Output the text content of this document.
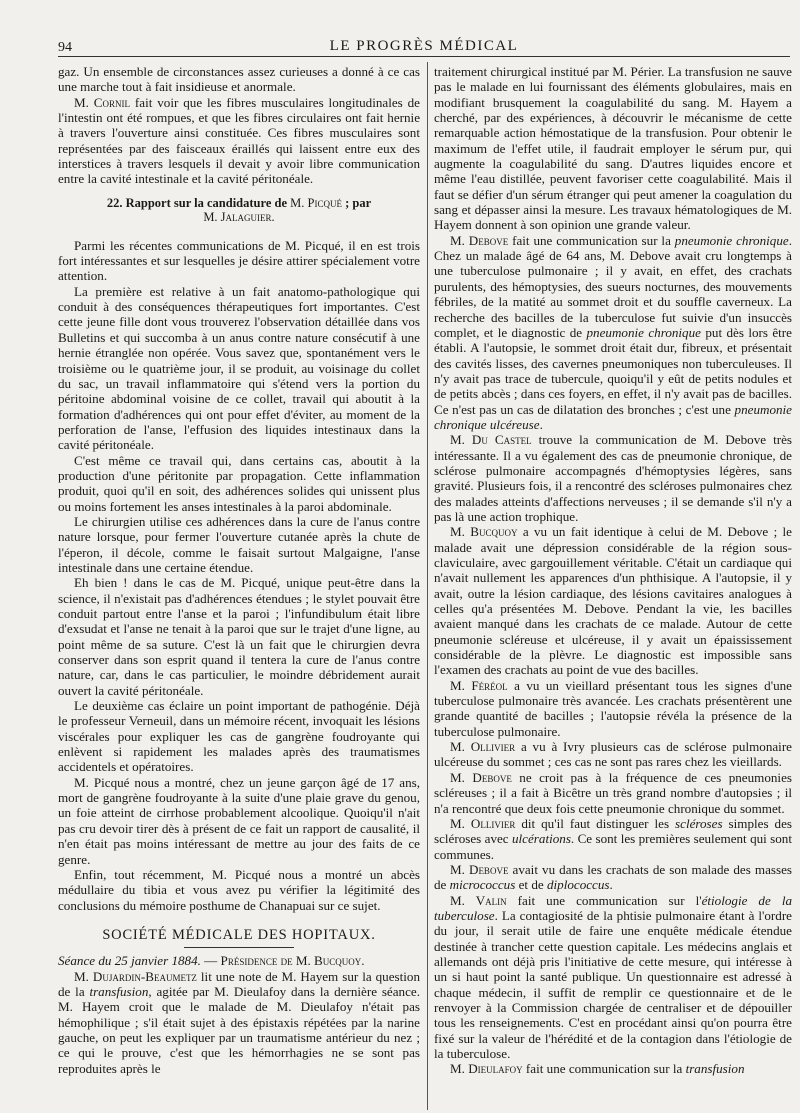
94	LE PROGRÈS MÉDICAL

gaz. Un ensemble de circonstances assez curieuses a donné à ce cas une marche tout à fait insidieuse et anormale.

M. Cornil fait voir que les fibres musculaires longitudinales de l'intestin ont été rompues, et que les fibres circulaires ont fait hernie à travers l'ouverture ainsi constituée. Ces fibres musculaires sont représentées par des faisceaux éraillés qui laissent entre eux des interstices à travers lesquels il devait y avoir libre communication entre la cavité intestinale et la cavité péritonéale.

22. Rapport sur la candidature de M. Picqué ; par
M. Jalaguier.

Parmi les récentes communications de M. Picqué, il en est trois fort intéressantes et sur lesquelles je désire attirer spécialement votre attention.

La première est relative à un fait anatomo-pathologique qui conduit à des conséquences thérapeutiques fort importantes. C'est cette jeune fille dont vous trouverez l'observation détaillée dans vos Bulletins et qui succomba à un anus contre nature consécutif à une hernie étranglée non opérée. Vous savez que, spontanément vers le troisième ou le quatrième jour, il se produit, au voisinage du collet du sac, un travail inflammatoire qui s'étend vers la portion du péritoine abdominal voisine de ce collet, travail qui aboutit à la formation d'adhérences qui ont pour effet d'éviter, au moment de la perforation de l'anse, l'effusion des liquides intestinaux dans la cavité péritonéale.

C'est même ce travail qui, dans certains cas, aboutit à la production d'une péritonite par propagation. Cette inflammation produit, quoi qu'il en soit, des adhérences solides qui unissent plus ou moins fortement les anses intestinales à la paroi abdominale.

Le chirurgien utilise ces adhérences dans la cure de l'anus contre nature lorsque, pour fermer l'ouverture cutanée après la chute de l'éperon, il décole, comme le faisait surtout Malgaigne, l'anse intestinale dans une certaine étendue.

Eh bien ! dans le cas de M. Picqué, unique peut-être dans la science, il n'existait pas d'adhérences étendues ; le stylet pouvait être conduit partout entre l'anse et la paroi ; l'infundibulum était libre d'exsudat et l'anse ne tenait à la paroi que sur le trajet d'une ligne, au point même de sa suture. C'est là un fait que le chirurgien devra conserver dans son esprit quand il tentera la cure de l'anus contre nature, car, dans le cas particulier, le moindre débridement aurait ouvert la cavité péritonéale.

Le deuxième cas éclaire un point important de pathogénie. Déjà le professeur Verneuil, dans un mémoire récent, invoquait les lésions viscérales pour expliquer les cas de gangrène foudroyante qui enlèvent si rapidement les malades après des traumatismes accidentels et opératoires.

M. Picqué nous a montré, chez un jeune garçon âgé de 17 ans, mort de gangrène foudroyante à la suite d'une plaie grave du genou, un foie atteint de cirrhose probablement alcoolique. Quoiqu'il n'ait pas cru devoir tirer dès à présent de ce fait un rapport de causalité, il n'en était pas moins intéressant de mettre au jour des faits de ce genre.

Enfin, tout récemment, M. Picqué nous a montré un abcès médullaire du tibia et vous avez pu vérifier la légitimité des conclusions du mémoire posthume de Chanapuai sur ce sujet.

SOCIÉTÉ MÉDICALE DES HOPITAUX.

Séance du 25 janvier 1884. — Présidence de M. Bucquoy.

M. Dujardin-Beaumetz lit une note de M. Hayem sur la question de la transfusion, agitée par M. Dieulafoy dans la dernière séance. M. Hayem croit que le malade de M. Dieulafoy n'était pas hémophilique ; s'il était sujet à des épistaxis répétées par la narine gauche, on peut les expliquer par un traumatisme antérieur du nez ; ce qui le prouve, c'est que les hémorrhagies ne se sont pas reproduites après le

traitement chirurgical institué par M. Périer. La transfusion ne sauve pas le malade en lui fournissant des éléments globulaires, mais en modifiant brusquement la coagulabilité du sang. M. Hayem a cherché, par des expériences, à découvrir le mécanisme de cette remarquable action hémostatique de la transfusion. Pour obtenir le maximum de l'effet utile, il faudrait employer le sérum pur, qui augmente la coagulabilité du sang. D'autres liquides encore et même l'eau distillée, peuvent favoriser cette coagulabilité. Mais il faut se défier d'un sérum étranger qui peut amener la coagulation du sang et dépasser ainsi la mesure. Les travaux hématologiques de M. Hayem donnent à son opinion une grande valeur.

M. Debove fait une communication sur la pneumonie chronique. Chez un malade âgé de 64 ans, M. Debove avait cru longtemps à une tuberculose pulmonaire ; il y avait, en effet, des crachats purulents, des hémoptysies, des sueurs nocturnes, des mouvements fébriles, de la matité au sommet droit et du souffle caverneux. La recherche des bacilles de la tuberculose fut suivie d'un insuccès complet, et le diagnostic de pneumonie chronique put dès lors être établi. A l'autopsie, le sommet droit était dur, fibreux, et présentait des cavités lisses, des cavernes pneumoniques non tuberculeuses. Il n'y avait pas trace de tubercule, quoiqu'il y eût de petits nodules et de petits abcès ; dans ces foyers, en effet, il n'y avait pas de bacilles. Ce n'est pas un cas de dilatation des bronches ; c'est une pneumonie chronique ulcéreuse.

M. Du Castel trouve la communication de M. Debove très intéressante. Il a vu également des cas de pneumonie chronique, de sclérose pulmonaire accompagnés d'hémoptysies légères, sans gravité. Plusieurs fois, il a rencontré des scléroses pulmonaires chez des malades atteints d'affections nerveuses ; il se demande s'il n'y a pas là une action trophique.

M. Bucquoy a vu un fait identique à celui de M. Debove ; le malade avait une dépression considérable de la région sous-claviculaire, avec gargouillement véritable. C'était un cardiaque qui n'avait nullement les apparences d'un phthisique. A l'autopsie, il y avait, outre la lésion cardiaque, des lésions cavitaires analogues à celles qu'a présentées M. Debove. Pendant la vie, les bacilles avaient manqué dans les crachats de ce malade. Autour de cette pneumonie scléreuse et ulcéreuse, il y avait un épaississement considérable de la plèvre. Le diagnostic est impossible sans l'examen des crachats au point de vue des bacilles.

M. Féréol a vu un vieillard présentant tous les signes d'une tuberculose pulmonaire très avancée. Les crachats présentèrent une grande quantité de bacilles ; l'autopsie révéla la présence de la tuberculose pulmonaire.

M. Ollivier a vu à Ivry plusieurs cas de sclérose pulmonaire ulcéreuse du sommet ; ces cas ne sont pas rares chez les vieillards.

M. Debove ne croit pas à la fréquence de ces pneumonies scléreuses ; il a fait à Bicêtre un très grand nombre d'autopsies ; il n'a rencontré que deux fois cette pneumonie chronique du sommet.

M. Ollivier dit qu'il faut distinguer les scléroses simples des scléroses avec ulcérations. Ce sont les premières seulement qui sont communes.

M. Debove avait vu dans les crachats de son malade des masses de micrococcus et de diplococcus.

M. Valin fait une communication sur l'étiologie de la tuberculose. La contagiosité de la phtisie pulmonaire étant à l'ordre du jour, il serait utile de faire une enquête médicale étendue destinée à trancher cette question capitale. Les médecins anglais et allemands ont déjà pris l'initiative de cette mesure, qui intéresse à un si haut point la santé publique. Un questionnaire est adressé à chaque médecin, il suffit de remplir ce questionnaire et de le renvoyer à la Commission chargée de centraliser et de dépouiller tous les renseignements. C'est en procédant ainsi qu'on pourra être fixé sur la valeur de l'hérédité et de la contagion dans l'étiologie de la tuberculose.

M. Dieulafoy fait une communication sur la transfusion
